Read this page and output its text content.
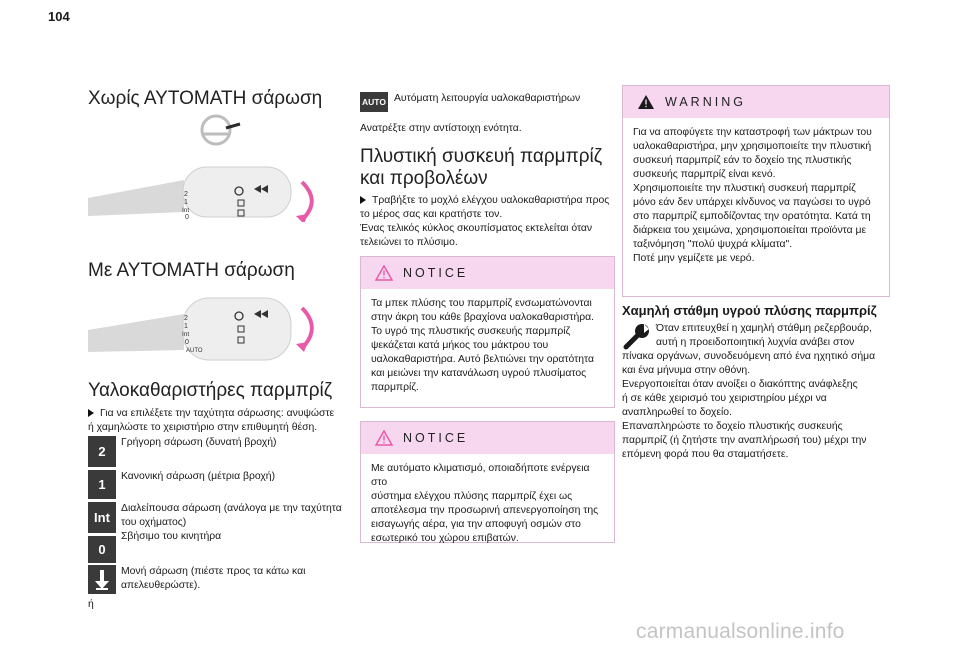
104
Χωρίς ΑΥΤΟΜΑΤΗ σάρωση
2
1
Int
0
Με ΑΥΤΟΜΑΤΗ σάρωση
2
1
Int
0
AUTO
Υαλοκαθαριστήρες παρμπρίζ
Για να επιλέξετε την ταχύτητα σάρωσης: ανυψώστε
ή χαμηλώστε το χειριστήριο στην επιθυμητή θέση.
2
Γρήγορη σάρωση (δυνατή βροχή)
1
Κανονική σάρωση (μέτρια βροχή)
Int
Διαλείπουσα σάρωση (ανάλογα με την ταχύτητα
του οχήματος)
0
Σβήσιμο του κινητήρα
Μονή σάρωση (πιέστε προς τα κάτω και
απελευθερώστε).
ή
AUTO Αυτόματη λειτουργία υαλοκαθαριστήρων
Ανατρέξτε στην αντίστοιχη ενότητα.
Πλυστική συσκευή παρμπρίζ
και προβολέων
Τραβήξτε το μοχλό ελέγχου υαλοκαθαριστήρα προς
το μέρος σας και κρατήστε τον.
Ένας τελικός κύκλος σκουπίσματος εκτελείται όταν
τελειώνει το πλύσιμο.
NOTICE
Τα μπεκ πλύσης του παρμπρίζ ενσωματώνονται
στην άκρη του κάθε βραχίονα υαλοκαθαριστήρα.
Το υγρό της πλυστικής συσκευής παρμπρίζ
ψεκάζεται κατά μήκος του μάκτρου του
υαλοκαθαριστήρα. Αυτό βελτιώνει την ορατότητα
και μειώνει την κατανάλωση υγρού πλυσίματος
παρμπρίζ.
NOTICE
Με αυτόματο κλιματισμό, οποιαδήποτε ενέργεια στο
σύστημα ελέγχου πλύσης παρμπρίζ έχει ως
αποτέλεσμα την προσωρινή απενεργοποίηση της
εισαγωγής αέρα, για την αποφυγή οσμών στο
εσωτερικό του χώρου επιβατών.
WARNING
Για να αποφύγετε την καταστροφή των μάκτρων του
υαλοκαθαριστήρα, μην χρησιμοποιείτε την πλυστική
συσκευή παρμπρίζ εάν το δοχείο της πλυστικής
συσκευής παρμπρίζ είναι κενό.
Χρησιμοποιείτε την πλυστική συσκευή παρμπρίζ
μόνο εάν δεν υπάρχει κίνδυνος να παγώσει το υγρό
στο παρμπρίζ εμποδίζοντας την ορατότητα. Κατά τη
διάρκεια του χειμώνα, χρησιμοποιείται προϊόντα με
ταξινόμηση "πολύ ψυχρά κλίματα".
Ποτέ μην γεμίζετε με νερό.
Χαμηλή στάθμη υγρού πλύσης παρμπρίζ
Όταν επιτευχθεί η χαμηλή στάθμη ρεζερβουάρ,
αυτή η προειδοποιητική λυχνία ανάβει στον
πίνακα οργάνων, συνοδευόμενη από ένα ηχητικό σήμα
και ένα μήνυμα στην οθόνη.
Ενεργοποιείται όταν ανοίξει ο διακόπτης ανάφλεξης
ή σε κάθε χειρισμό του χειριστηρίου μέχρι να
αναπληρωθεί το δοχείο.
Επαναπληρώστε το δοχείο πλυστικής συσκευής
παρμπρίζ (ή ζητήστε την αναπλήρωσή του) μέχρι την
επόμενη φορά που θα σταματήσετε.
carmanualsonline.info
